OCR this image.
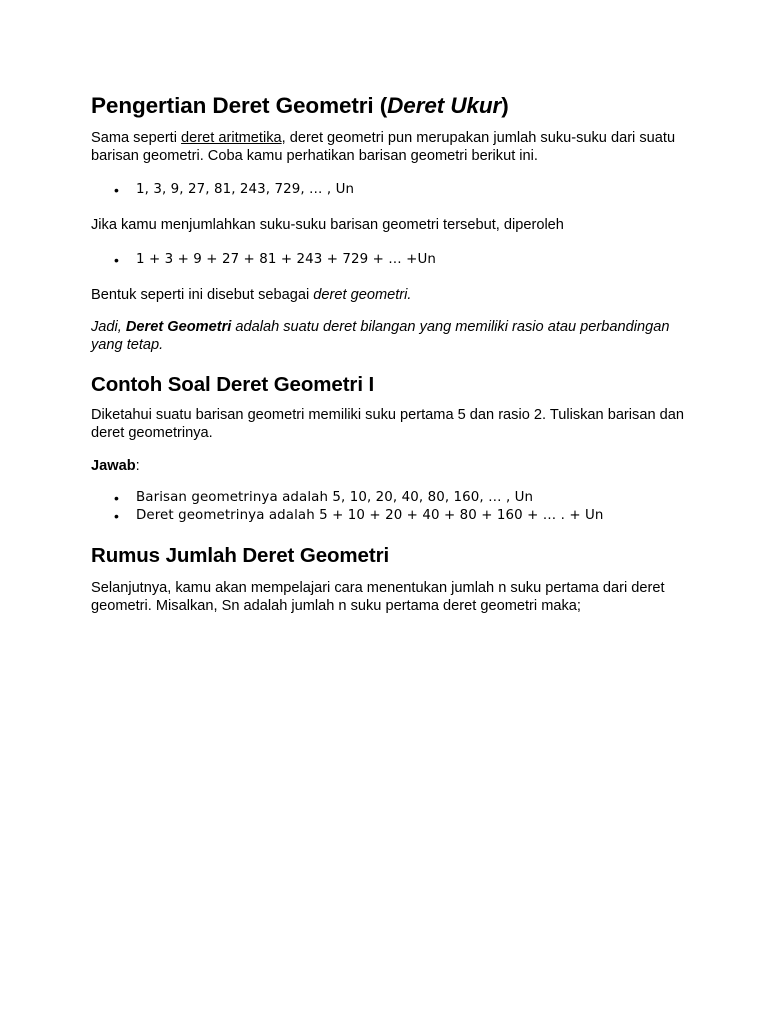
Pengertian Deret Geometri (Deret Ukur)

Sama seperti deret aritmetika, deret geometri pun merupakan jumlah suku-suku dari suatu barisan geometri. Coba kamu perhatikan barisan geometri berikut ini.

• 1, 3, 9, 27, 81, 243, 729, … , Un

Jika kamu menjumlahkan suku-suku barisan geometri tersebut, diperoleh

• 1 + 3 + 9 + 27 + 81 + 243 + 729 + … +Un

Bentuk seperti ini disebut sebagai deret geometri.

Jadi, Deret Geometri adalah suatu deret bilangan yang memiliki rasio atau perbandingan yang tetap.

Contoh Soal Deret Geometri I

Diketahui suatu barisan geometri memiliki suku pertama 5 dan rasio 2. Tuliskan barisan dan deret geometrinya.

Jawab:

• Barisan geometrinya adalah 5, 10, 20, 40, 80, 160, … , Un
• Deret geometrinya adalah 5 + 10 + 20 + 40 + 80 + 160 + … . + Un
Rumus Jumlah Deret Geometri

Selanjutnya, kamu akan mempelajari cara menentukan jumlah n suku pertama dari deret geometri. Misalkan, Sn adalah jumlah n suku pertama deret geometri maka;
